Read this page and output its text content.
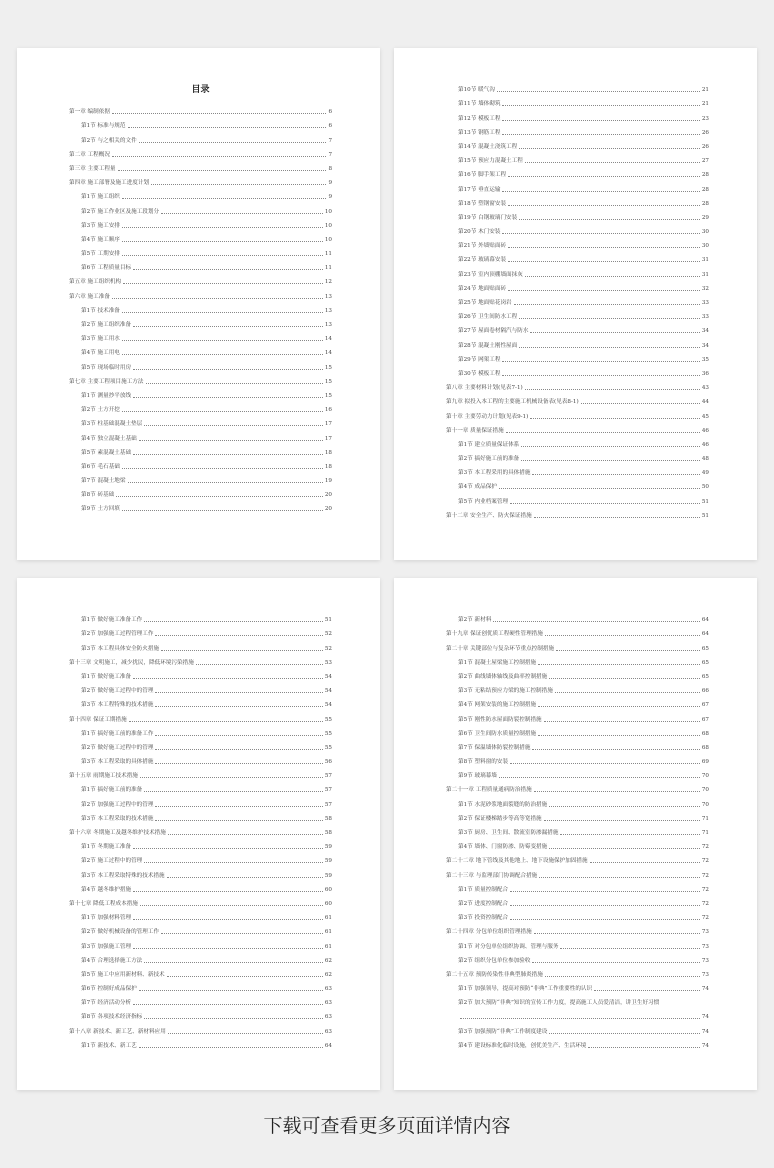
目录
第一章 编制依据	6
第1节 标准与规范	6
第2节 与之相关的文件	7
第二章 工程概况	7
第三章 主要工程量	8
第四章 施工部署及施工进度计划	9
第1节 施工组织	9
第2节 施工作业区及施工段划分	10
第3节 施工安排	10
第4节 施工顺序	10
第5节 工期安排	11
第6节 工程质量目标	11
第五章 施工组织机构	12
第六章 施工准备	13
第1节 技术准备	13
第2节 施工组织准备	13
第3节 施工用水	14
第4节 施工用电	14
第5节 现场临时用房	15
第七章 主要工程项目施工方法	15
第1节 测量抄平放线	15
第2节 土方开挖	16
第3节 柱基础混凝土垫层	17
第4节 独立混凝土基础	17
第5节 素混凝土基础	18
第6节 毛石基础	18
第7节 混凝土地梁	19
第8节 砖基础	20
第9节 土方回填	20
第10节 暖气沟	21
第11节 墙体砌筑	21
第12节 模板工程	23
第13节 钢筋工程	26
第14节 混凝土浇筑工程	26
第15节 预应力混凝土工程	27
第16节 脚手架工程	28
第17节 垂直运输	28
第18节 塑钢窗安装	28
第19节 白钢玻璃门安装	29
第20节 木门安装	30
第21节 外墙贴面砖	30
第22节 玻璃幕安装	31
第23节 室内顶棚墙面抹灰	31
第24节 地面贴面砖	32
第25节 地面贴花岗岩	33
第26节 卫生间防水工程	33
第27节 屋面卷材隔汽与防水	34
第28节 混凝土刚性屋面	34
第29节 网架工程	35
第30节 模板工程	36
第八章 主要材料计划(见表7-1)	43
第九章 拟投入本工程的主要施工机械设备表(见表8-1)	44
第十章 主要劳动力计划(见表9-1)	45
第十一章 质量保证措施	46
第1节 建立质量保证体系	46
第2节 搞好施工前的准备	48
第3节 本工程采用的具体措施	49
第4节 成品保护	50
第5节 内业档案管理	51
第十二章 安全生产、防火保证措施	51
第1节 做好施工准备工作	51
第2节 加强施工过程管理工作	52
第3节 本工程具体安全防火措施	52
第十三章 文明施工，减少扰民，降低环境污染措施	53
第1节 做好施工准备	54
第2节 做好施工过程中的管理	54
第3节 本工程特殊的技术措施	54
第十四章 保证工期措施	55
第1节 搞好施工前的准备工作	55
第2节 做好施工过程中的管理	55
第3节 本工程采取的具体措施	56
第十五章 雨期施工技术措施	57
第1节 搞好施工前的准备	57
第2节 加强施工过程中的管理	57
第3节 本工程采取的技术措施	58
第十六章 冬期施工及越冬维护技术措施	58
第1节 冬期施工准备	59
第2节 施工过程中的管理	59
第3节 本工程采取特殊的技术措施	59
第4节 越冬维护措施	60
第十七章 降低工程成本措施	60
第1节 加强材料管理	61
第2节 做好机械设备的管理工作	61
第3节 加强施工管理	61
第4节 合理选择施工方法	62
第5节 施工中应用新材料、新技术	62
第6节 控制好成品保护	63
第7节 经济活动分析	63
第8节 各项技术经济指标	63
第十八章 新技术、新工艺、新材料应用	63
第1节 新技术、新工艺	64
第2节 新材料	64
第十九章 保证创优质工程硬性管理措施	64
第二十章 关键部位与复杂环节重点控制措施	65
第1节 混凝土屋梁施工控制措施	65
第2节 曲线墙体轴线及曲率控制措施	65
第3节 无粘结预应力梁的施工控制措施	66
第4节 网架安装的施工控制措施	67
第5节 刚性防水屋面防裂控制措施	67
第6节 卫生间防水质量控制措施	68
第7节 保温墙体防裂控制措施	68
第8节 塑料窗的安装	69
第9节 玻璃幕墙	70
第二十一章 工程质量通病防治措施	70
第1节 水泥砂浆地面裂缝的防治措施	70
第2节 保证楼梯踏步等高等宽措施	71
第3节 厨房、卫生间、散流室防渗漏措施	71
第4节 墙体、门窗防渗、防霉变措施	72
第二十二章 地下管线及其他地上、地下设施保护加固措施	72
第二十三章 与监理部门协调配合措施	72
第1节 质量控制配合	72
第2节 进度控制配合	72
第3节 投资控制配合	72
第二十四章 分包单位组织管理措施	73
第1节 对分包单位组织协调、管理与服务	73
第2节 组织分包单位参加验收	73
第二十五章 预防传染性非典型肺炎措施	73
第1节 加强领导，提高对预防“非典”工作重要性的认识	74
第2节 加大预防“非典”知识的宣传工作力度，提高施工人员爱清洁，讲卫生好习惯
74
第3节 加强预防“非典”工作制度建设	74
第4节 建设标准化临时设施，创优美生产、生活环境	74
下载可查看更多页面详情内容
